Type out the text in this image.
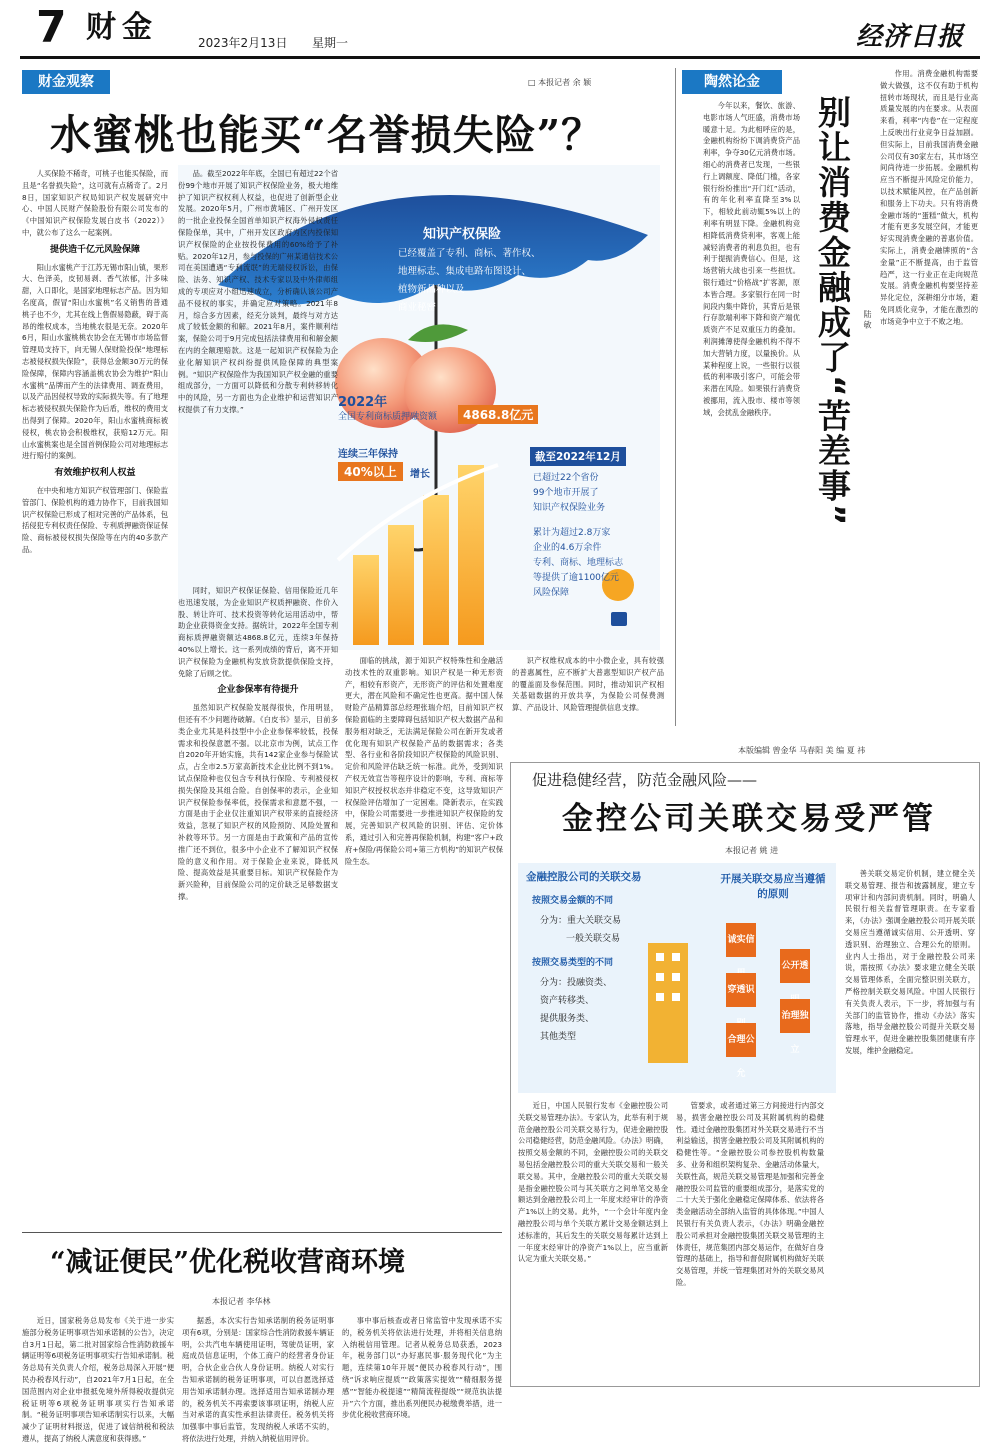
7 财金	2023年2月13日 星期一	经济日报
财金观察	□ 本报记者 余 颖
水蜜桃也能买“名誉损失险”？
知识产权保险
已经覆盖了专利、商标、著作权、
地理标志、集成电路布图设计、
植物新品种以及
商业秘密
2022年
全国专利商标质押融资额	4868.8亿元
连续三年保持
40%以上	增长
截至2022年12月
已超过22个省份
99个地市开展了
知识产权保险业务
累计为超过2.8万家
企业的4.6万余件
专利、商标、地理标志
等提供了逾1100亿元
风险保障

人买保险不稀奇，可桃子也能买保险，而且是“名誉损失险”，这可就有点稀奇了。2月8日，国家知识产权局知识产权发展研究中心、中国人民财产保险股份有限公司发布的《中国知识产权保险发展白皮书（2022）》中，就公布了这么一起案例。

提供造千亿元风险保障

阳山水蜜桃产于江苏无锡市阳山镇，果形大、色泽美，皮韧易剥、香气浓郁，汁多味甜，入口即化，是国家地理标志产品。因为知名度高，假冒“阳山水蜜桃”名义销售的普通桃子也不少，尤其在线上售假易隐蔽，碍于高昂的维权成本，当地桃农很是无奈。2020年6月，阳山水蜜桃桃农协会在无锡市市场监督管理局支持下，向无锡人保财险投保“地理标志被侵权损失保险”，获得总金额30万元的保险保障，保障内容涵盖桃农协会为维护“阳山水蜜桃”品牌而产生的法律费用、调查费用，以及产品因侵权导致的实际损失等。有了地理标志被侵权损失保险作为后盾，维权的费用支出得到了保障。2020年，阳山水蜜桃商标被侵权，桃农协会积极维权，获赔12万元。阳山水蜜桃案也是全国首例保险公司对地理标志进行赔付的案例。

有效维护权利人权益

在中央和地方知识产权管理部门、保险监管部门、保险机构的通力协作下，目前我国知识产权保险已形成了相对完善的产品体系，包括侵犯专利权责任保险、专利质押融资保证保险、商标被侵权损失保险等在内的40多款产品。

品。截至2022年年底，全国已有超过22个省份99个地市开展了知识产权保险业务，极大地维护了知识产权权利人权益，也促进了创新型企业发展。2020年5月，广州市黄埔区、广州开发区的一批企业投保全国首单知识产权海外侵权责任保险保单，其中，广州开发区政府为区内投保知识产权保险的企业按投保费用的60%给予了补贴。2020年12月，参与投保的广州某通信技术公司在美国遭遇“专利流氓”的无端侵权诉讼，由保险、法务、知识产权、技术专家以及中外律师组成的专项应对小组迅速成立，分析确认该公司产品不侵权的事实，并确定应对策略。2021年8月，综合多方因素，经充分谈判，最终与对方达成了较低金额的和解。2021年8月，案件顺利结案，保险公司于9月完成包括法律费用和和解金额在内的全额理赔款。这是一起知识产权保险为企业化解知识产权纠纷提供风险保障的典型案例。“知识产权保险作为我国知识产权金融的重要组成部分，一方面可以降低和分散专利转移转化中的风险，另一方面也为企业维护和运营知识产权提供了有力支撑。”

同时，知识产权保证保险、信用保险近几年也迅速发展，为企业知识产权质押融资、作价入股、转让许可、技术投资等转化运用活动中，帮助企业获得资金支持。据统计，2022年全国专利商标质押融资额达4868.8亿元，连续3年保持40%以上增长。这一系列成绩的背后，离不开知识产权保险为金融机构发放贷款提供保险支持，免除了后顾之忧。

企业参保率有待提升

虽然知识产权保险发展得很快，作用明显，但还有不少问题待破解。《白皮书》显示，目前多类企业尤其是科技型中小企业参保率较低，投保需求和投保意愿不强。以北京市为例，试点工作自2020年开始实施，共有142家企业参与保险试点，占全市2.5万家高新技术企业比例不到1%。试点保险种也仅包含专利执行保险、专利被侵权损失保险及其组合险。自创保率的表示，企业知识产权保险参保率低，投保需求和意愿不强，一方面是由于企业仅注重知识产权带来的直接经济效益，忽视了知识产权的风险预防、风险处置和补救等环节。另一方面是由于政策和产品的宣传推广还不到位，很多中小企业不了解知识产权保险的意义和作用。对于保险企业来说，降低风险、提高效益是其重要目标。知识产权保险作为新兴险种，目前保险公司的定价缺乏足够数据支撑。

面临的挑战，源于知识产权特殊性和金融活动技术性的双重影响。知识产权是一种无形资产，相较有形资产，无形资产的评估和处置难度更大，潜在风险和不确定性也更高。据中国人保财险产品精算部总经理张瑞介绍，目前知识产权保险面临的主要障碍包括知识产权大数据产品和服务相对缺乏，无法满足保险公司在新开发或者优化现有知识产权保险产品的数据需求；各类型、各行业和各阶段知识产权保险的风险识别、定价和风险评估缺乏统一标准。此外，受到知识产权无效宣告等程序设计的影响，专利、商标等知识产权授权状态并非稳定不变，这导致知识产权保险评估增加了一定困难。降新表示，在实践中，保险公司需要进一步推进知识产权保险的发展，完善知识产权风险的识别、评估、定价体系，通过引入和完善再保险机制，构建“客户+政府+保险/再保险公司+第三方机构”的知识产权保险生态。

识产权维权成本的中小微企业，具有较强的普惠属性，应不断扩大普惠型知识产权产品的覆盖面及参保范围。同时，推动知识产权相关基础数据的开放共享，为保险公司保费测算、产品设计、风险管理提供信息支撑。

陶然论金

今年以来，餐饮、旅游、电影市场人气旺盛，消费市场暖意十足。为此相呼应的是，金融机构纷纷下调消费贷产品利率，争夺30亿元消费市场。细心的消费者已发现，一些银行上调额度、降低门槛，各家银行纷纷推出“开门红”活动，有的年化利率直降至3%以下，相较此前动辄5%以上的利率有明显下降。金融机构竞相降低消费贷利率，客观上能减轻消费者的利息负担，也有利于提振消费信心。但是，这场营销大战也引来一些担忧。银行通过“价格战”扩客源，原本皆合理。多家银行在同一时间段内集中降价，其背后是银行存款端利率下降和资产端优质资产不足双重压力的叠加。利润摊薄使得金融机构不得不加大营销力度，以量换价。从某种程度上说，一些银行以很低的利率吸引客户，可能会带来潜在风险。如果银行消费贷被挪用，流入股市、楼市等领域，会扰乱金融秩序。	别让消费金融成了“苦差事”	陆 敏

作用。消费金融机构需要做大做强，这不仅有助于机构扭转市场现状，而且是行业高质量发展的内在要求。从表面来看，利率“内卷”在一定程度上反映出行业竞争日益加剧。但实际上，目前我国消费金融公司仅有30家左右，其市场空间尚待进一步拓展。金融机构应当不断提升风险定价能力，以技术赋能风控，在产品创新和服务上下功夫。只有将消费金融市场的“蛋糕”做大，机构才能有更多发展空间，才能更好实现消费金融的普惠价值。实际上，消费金融牌照的“含金量”正不断提高，由于监管趋严，这一行业正在走向规范发展。消费金融机构要坚持差异化定位，深耕细分市场，避免同质化竞争，才能在激烈的市场竞争中立于不败之地。

本版编辑 曾金华 马春阳 美 编 夏 祎
促进稳健经营，防范金融风险——
金控公司关联交易受严管
本报记者 姚 进
金融控股公司的关联交易
按照交易金额的不同
分为：重大关联交易
一般关联交易
按照交易类型的不同
分为：投融资类、
资产转移类、
提供服务类、
其他类型
开展关联交易应当遵循的原则
诚实信
公开透
穿透识
治理独立
合理公允

近日，中国人民银行发布《金融控股公司关联交易管理办法》。专家认为，此举有利于规范金融控股公司关联交易行为，促进金融控股公司稳健经营，防范金融风险。《办法》明确，按照交易金额的不同，金融控股公司的关联交易包括金融控股公司的重大关联交易和一般关联交易。其中，金融控股公司的重大关联交易是指金融控股公司与其关联方之间单笔交易金额达到金融控股公司上一年度末经审计的净资产1%以上的交易。此外，“一个会计年度内金融控股公司与单个关联方累计交易金额达到上述标准的，其后发生的关联交易每累计达到上一年度末经审计的净资产1%以上，应当重新认定为重大关联交易。”

管要求，或者通过第三方间接进行内部交易，损害金融控股公司及其附属机构的稳健性。通过金融控股集团对外关联交易进行不当利益输送，损害金融控股公司及其附属机构的稳健性等。“金融控股公司参控股机构数量多、业务和组织架构复杂、金融活动体量大，关联性高，规范关联交易管理是加强和完善金融控股公司监管的重要组成部分，是落实党的二十大关于强化金融稳定保障体系、依法将各类金融活动全部纳入监管的具体体现。”中国人民银行有关负责人表示，《办法》明确金融控股公司承担对金融控股集团关联交易管理的主体责任，规范集团内部交易运作，在做好自身管理的基础上，指导和督促附属机构做好关联交易管理，并统一管理集团对外的关联交易风险。

善关联交易定价机制，建立健全关联交易管理、报告和披露制度，建立专项审计和内部问责机制。同时，明确人民银行相关监督管理职责。在专家看来，《办法》强调金融控股公司开展关联交易应当遵循诚实信用、公开透明、穿透识别、治理独立、合理公允的原则。业内人士指出，对于金融控股公司来说，需按照《办法》要求建立健全关联交易管理体系，全面完整识别关联方，严格控制关联交易风险。中国人民银行有关负责人表示，下一步，将加强与有关部门的监管协作，推动《办法》落实落地，指导金融控股公司提升关联交易管理水平，促进金融控股集团健康有序发展，维护金融稳定。

“减证便民”优化税收营商环境
本报记者 李华林

近日，国家税务总局发布《关于进一步实施部分税务证明事项告知承诺制的公告》，决定自3月1日起，第二批对国家综合性消防救援车辆证明等6项税务证明事项实行告知承诺制。税务总局有关负责人介绍，税务总局深入开展“便民办税春风行动”，自2021年7月1日起，在全国范围内对企业申报抵免境外所得税收提供完税证明等6项税务证明事项实行告知承诺制。“税务证明事项告知承诺制实行以来，大幅减少了证明材料报送，促进了诚信纳税和税法遵从，提高了纳税人满意度和获得感。”

据悉，本次实行告知承诺制的税务证明事项有6项，分别是：国家综合性消防救援车辆证明，公共汽电车辆使用证明，驾驶员证明，家庭成员信息证明，个体工商户的经营者身份证明，合伙企业合伙人身份证明。纳税人对实行告知承诺制的税务证明事项，可以自愿选择适用告知承诺制办理。选择适用告知承诺制办理的，税务机关不再索要该事项证明，纳税人应当对承诺的真实性承担法律责任。税务机关将加强事中事后监管，发现纳税人承诺不实的，将依法进行处理，并纳入纳税信用评价。

事中事后核查或者日常监管中发现承诺不实的，税务机关将依法进行处理，并将相关信息纳入纳税信用管理。记者从税务总局获悉，2023年，税务部门以“办好惠民事·服务现代化”为主题，连续第10年开展“便民办税春风行动”，围绕“诉求响应提质”“政策落实提效”“精细服务提感”“智能办税提速”“精简流程提级”“规范执法提升”六个方面，推出系列便民办税缴费举措，进一步优化税收营商环境。
